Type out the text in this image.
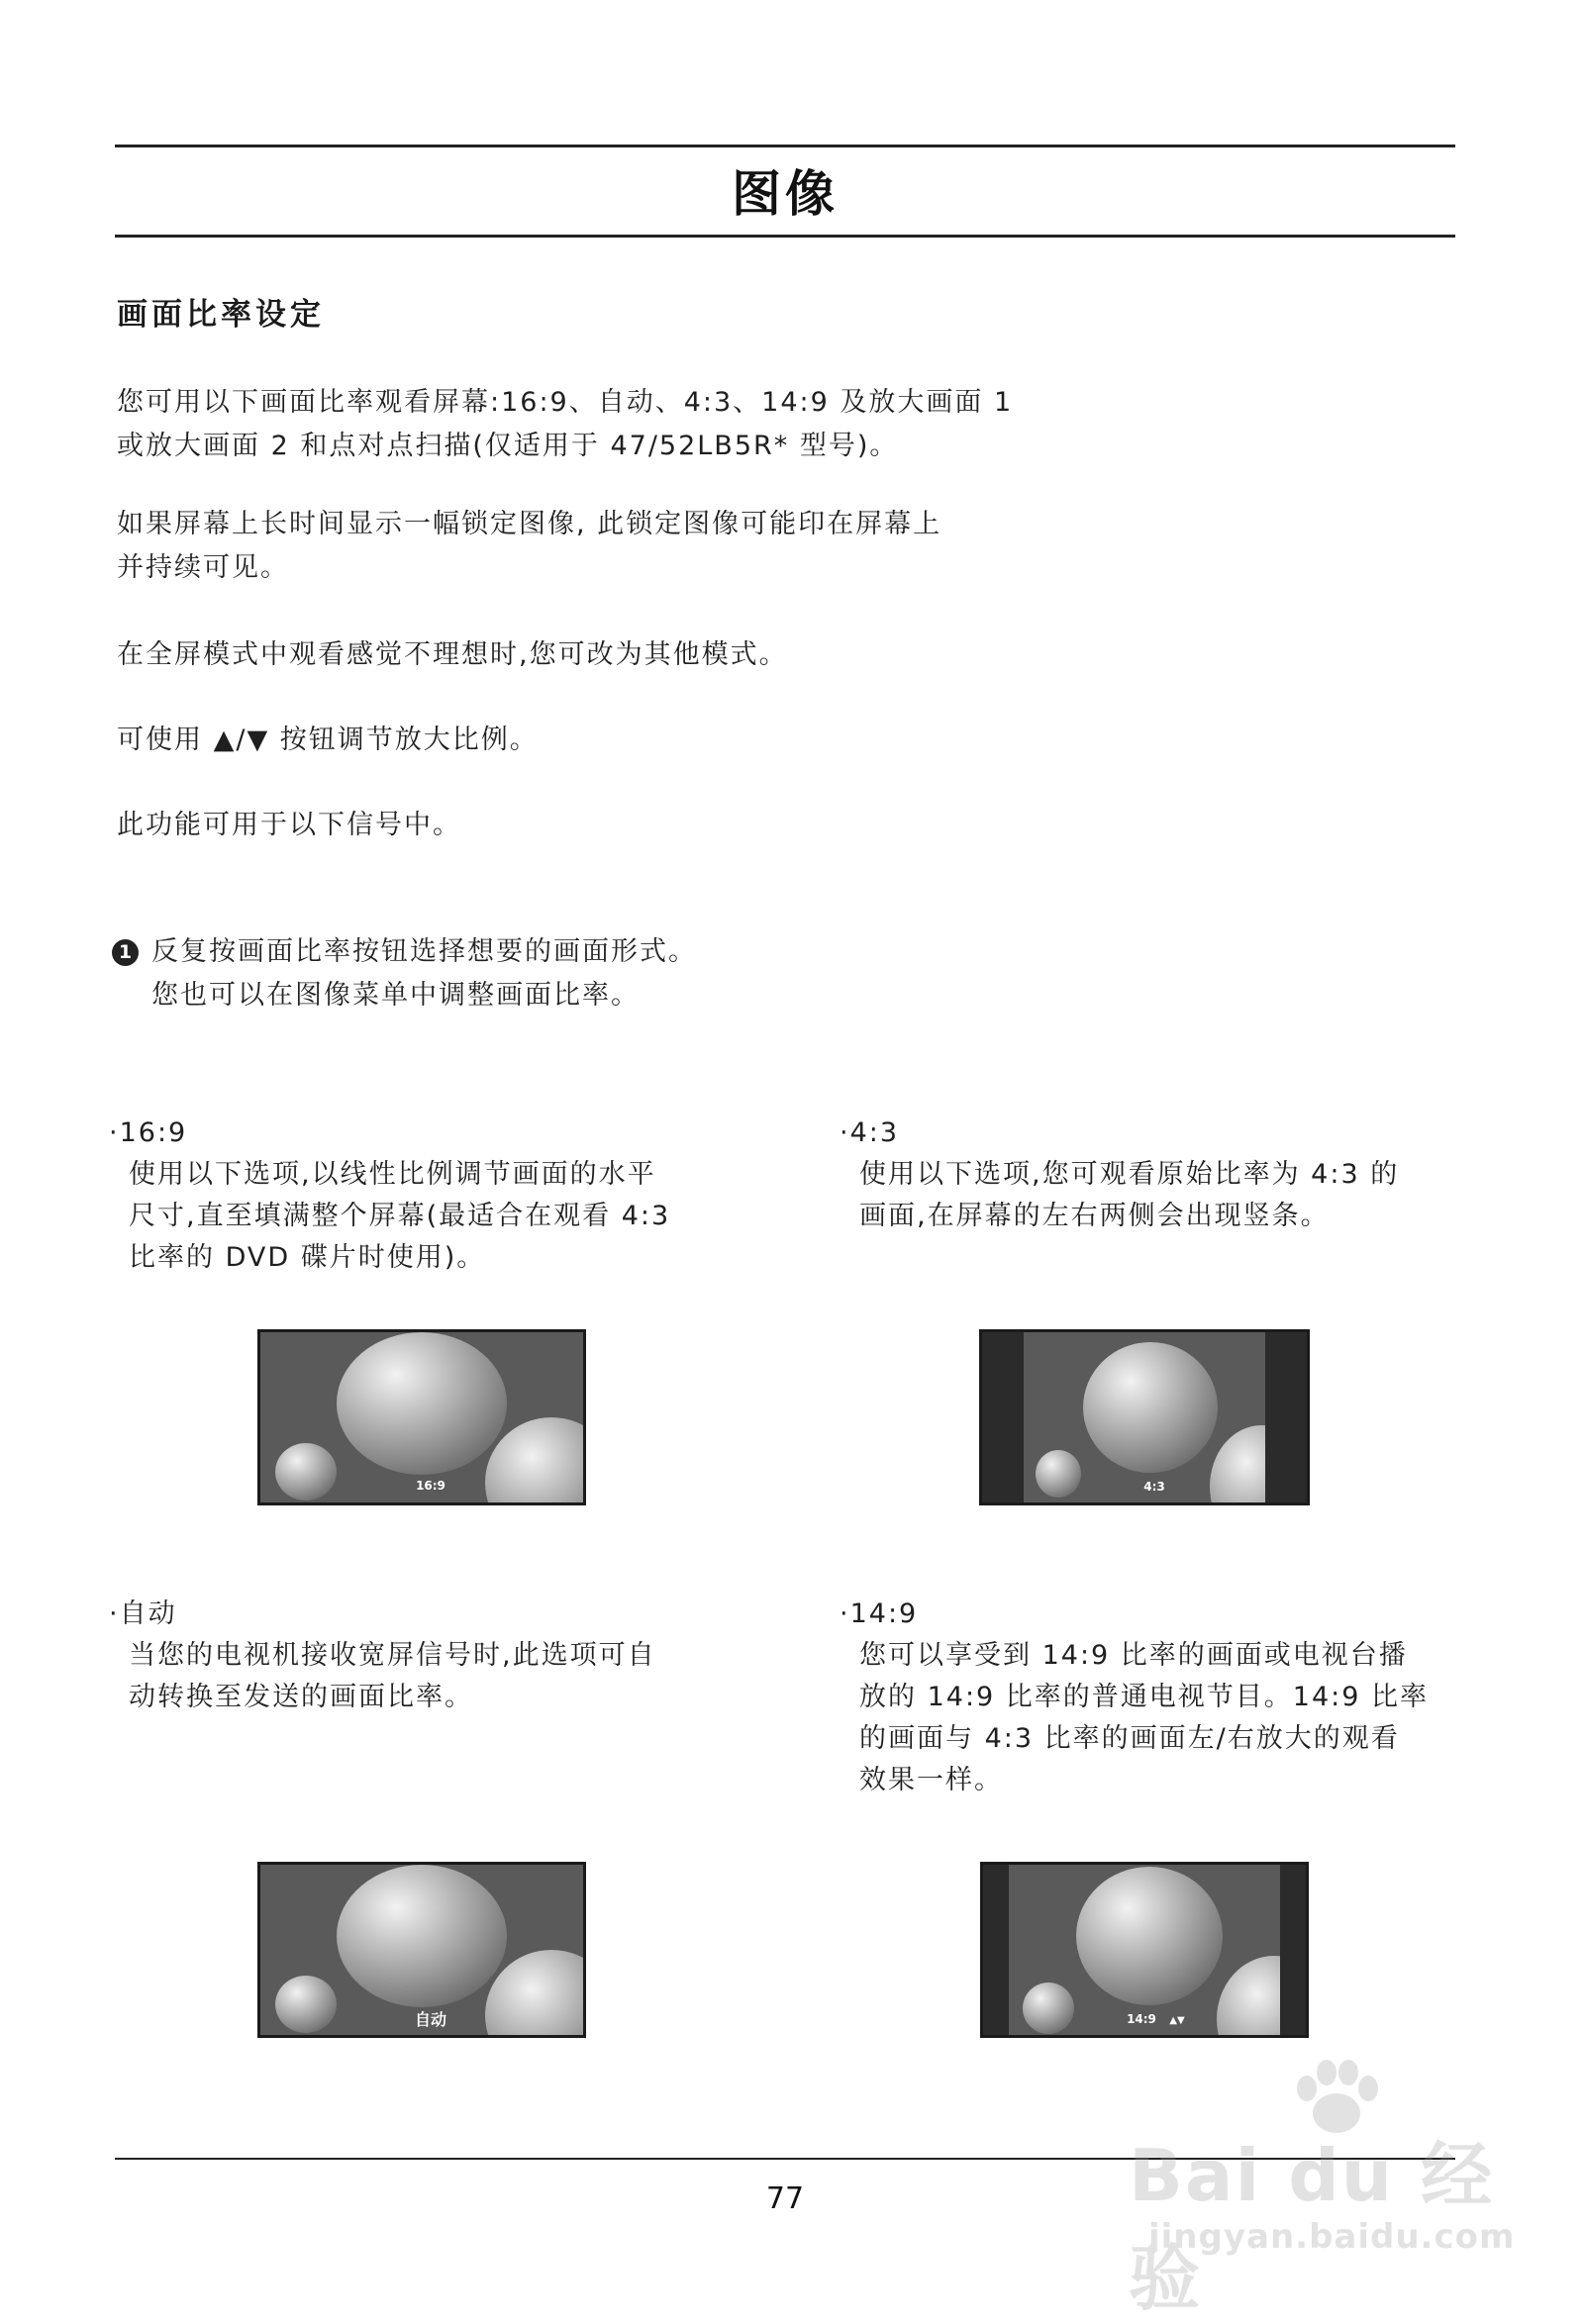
图像
画面比率设定
您可用以下画面比率观看屏幕:16:9、自动、4:3、14:9 及放大画面 1
或放大画面 2 和点对点扫描(仅适用于 47/52LB5R* 型号)。
如果屏幕上长时间显示一幅锁定图像, 此锁定图像可能印在屏幕上
并持续可见。
在全屏模式中观看感觉不理想时,您可改为其他模式。
可使用 ▲/▼ 按钮调节放大比例。
此功能可用于以下信号中。
1 反复按画面比率按钮选择想要的画面形式。
您也可以在图像菜单中调整画面比率。
·16:9
使用以下选项,以线性比例调节画面的水平
尺寸,直至填满整个屏幕(最适合在观看 4:3
比率的 DVD 碟片时使用)。
·4:3
使用以下选项,您可观看原始比率为 4:3 的
画面,在屏幕的左右两侧会出现竖条。
·自动
当您的电视机接收宽屏信号时,此选项可自
动转换至发送的画面比率。
·14:9
您可以享受到 14:9 比率的画面或电视台播
放的 14:9 比率的普通电视节目。14:9 比率
的画面与 4:3 比率的画面左/右放大的观看
效果一样。
16:9	4:3
自动	14:9 ▲▼
77	Bai du 经验
jingyan.baidu.com
